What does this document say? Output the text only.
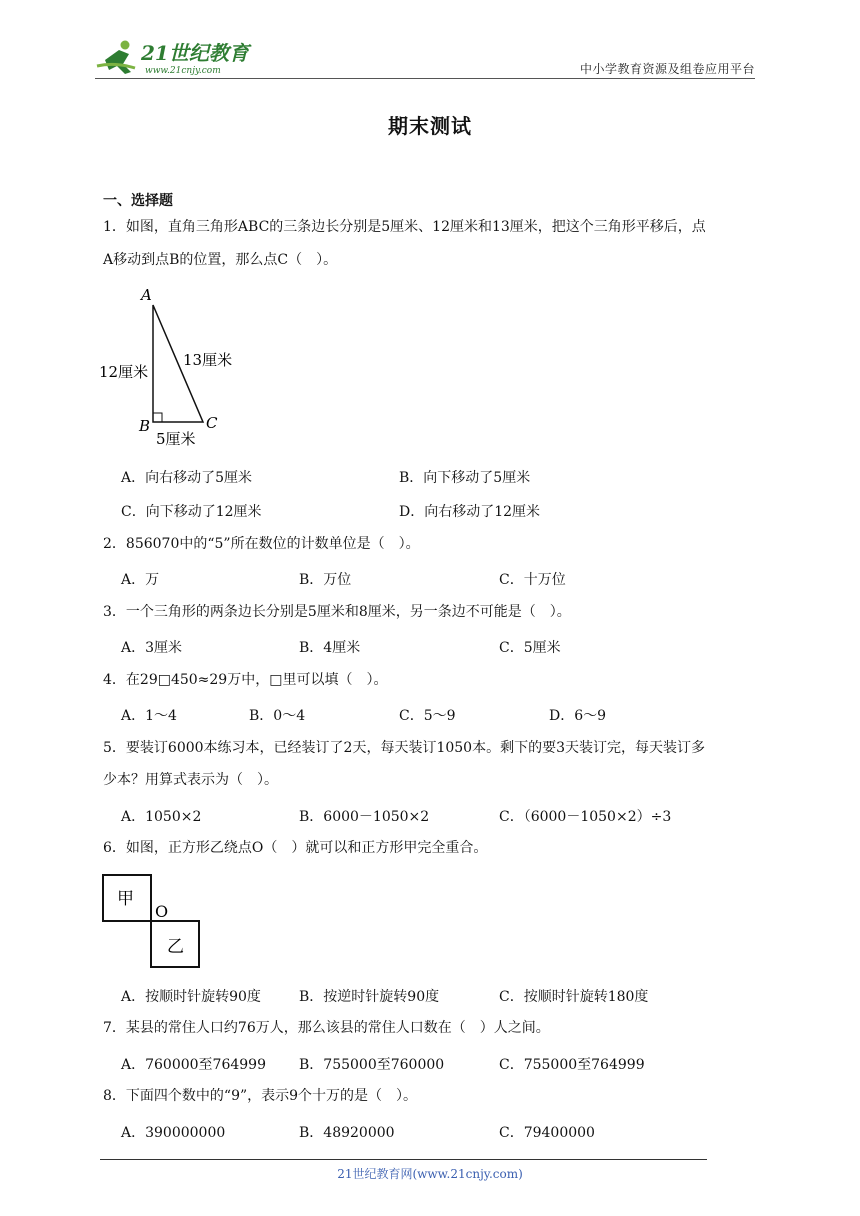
21世纪教育
www.21cnjy.com	中小学教育资源及组卷应用平台
期末测试
一、选择题
1．如图，直角三角形ABC的三条边长分别是5厘米、12厘米和13厘米，把这个三角形平移后，点
A移动到点B的位置，那么点C（　）。
A
B	C
12厘米
13厘米
5厘米
A．向右移动了5厘米	B．向下移动了5厘米
C．向下移动了12厘米	D．向右移动了12厘米
2．856070中的“5”所在数位的计数单位是（　）。
A．万	B．万位	C．十万位
3．一个三角形的两条边长分别是5厘米和8厘米，另一条边不可能是（　）。
A．3厘米	B．4厘米	C．5厘米
4．在29□450≈29万中，□里可以填（　）。
A．1～4	B．0～4	C．5～9	D．6～9
5．要装订6000本练习本，已经装订了2天，每天装订1050本。剩下的要3天装订完，每天装订多
少本？用算式表示为（　）。
A．1050×2	B．6000－1050×2	C．（6000－1050×2）÷3
6．如图，正方形乙绕点O（　）就可以和正方形甲完全重合。
甲
乙
O
A．按顺时针旋转90度	B．按逆时针旋转90度	C．按顺时针旋转180度
7．某县的常住人口约76万人，那么该县的常住人口数在（　）人之间。
A．760000至764999 B．755000至760000	C．755000至764999
8．下面四个数中的“9”，表示9个十万的是（　）。
A．390000000	B．48920000	C．79400000
21世纪教育网(www.21cnjy.com)
